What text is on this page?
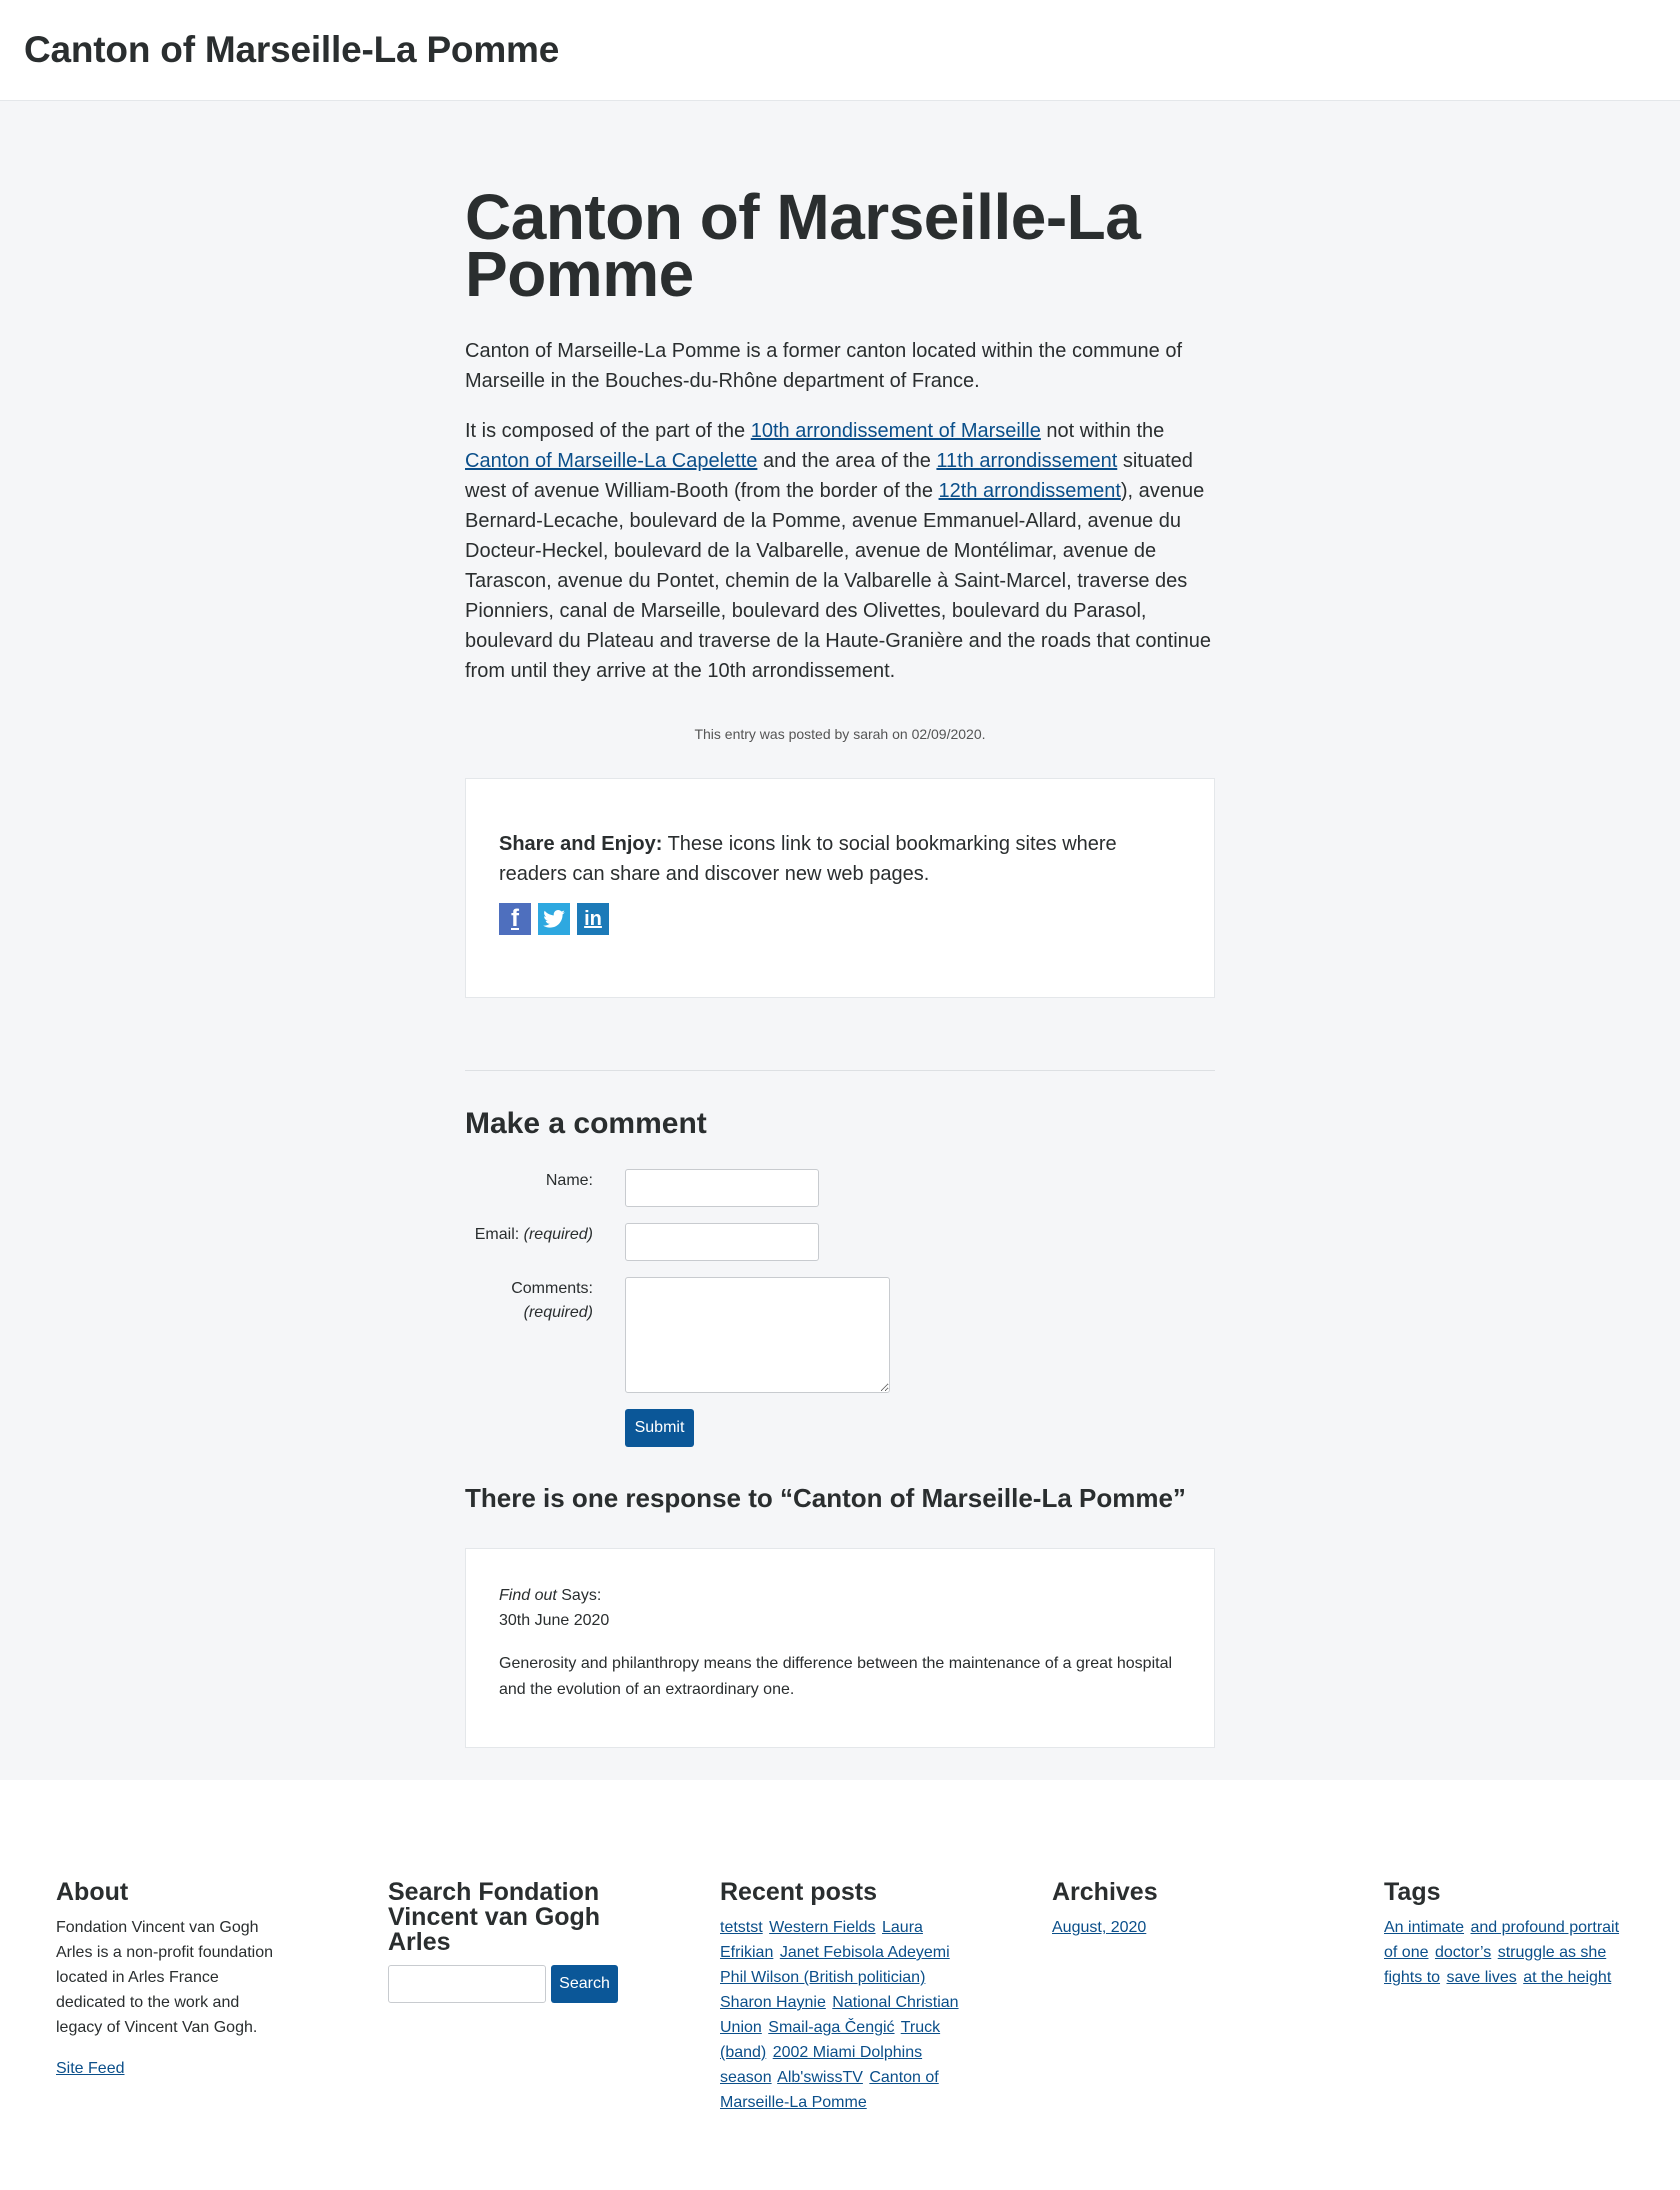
Canton of Marseille-La Pomme
Canton of Marseille-La Pomme

Canton of Marseille-La Pomme is a former canton located within the commune of Marseille in the Bouches-du-Rhône department of France.

It is composed of the part of the 10th arrondissement of Marseille not within the Canton of Marseille-La Capelette and the area of the 11th arrondissement situated west of avenue William-Booth (from the border of the 12th arrondissement), avenue Bernard-Lecache, boulevard de la Pomme, avenue Emmanuel-Allard, avenue du Docteur-Heckel, boulevard de la Valbarelle, avenue de Montélimar, avenue de Tarascon, avenue du Pontet, chemin de la Valbarelle à Saint-Marcel, traverse des Pionniers, canal de Marseille, boulevard des Olivettes, boulevard du Parasol, boulevard du Plateau and traverse de la Haute-Granière and the roads that continue from until they arrive at the 10th arrondissement.

This entry was posted by sarah on 02/09/2020.

Share and Enjoy: These icons link to social bookmarking sites where readers can share and discover new web pages.

f	in
Make a comment
Name:
Email: (required)
Comments:
(required)
Submit
There is one response to “Canton of Marseille-La Pomme”
Find out Says:
30th June 2020

Generosity and philanthropy means the difference between the maintenance of a great hospital and the evolution of an extraordinary one.

About

Fondation Vincent van Gogh Arles is a non-profit foundation located in Arles France dedicated to the work and legacy of Vincent Van Gogh.

Site Feed

Search Fondation Vincent van Gogh Arles
Search
Recent posts
tetstst Western Fields Laura Efrikian Janet Febisola Adeyemi Phil Wilson (British politician) Sharon Haynie National Christian Union Smail-aga Čengić Truck (band) 2002 Miami Dolphins season Alb'swissTV Canton of Marseille-La Pomme
Archives
August, 2020
Tags
An intimate and profound portrait of one doctor’s struggle as she fights to save lives at the height
